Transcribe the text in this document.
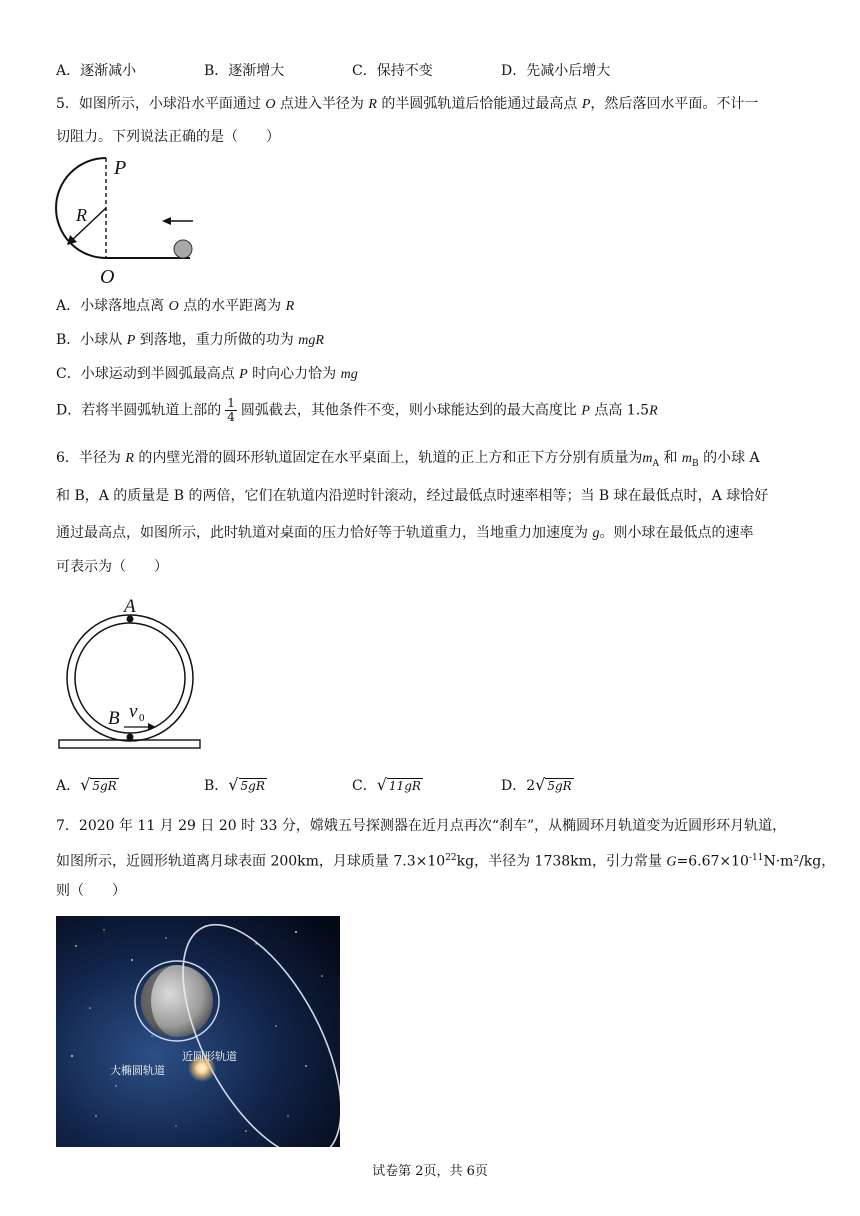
A．逐渐减小	B．逐渐增大	C．保持不变	D．先减小后增大
5．如图所示，小球沿水平面通过 O 点进入半径为 R 的半圆弧轨道后恰能通过最高点 P，然后落回水平面。不计一
切阻力。下列说法正确的是（　　）
P
R
O
A．小球落地点离 O 点的水平距离为 R
B．小球从 P 到落地，重力所做的功为 mgR
C．小球运动到半圆弧最高点 P 时向心力恰为 mg
D．若将半圆弧轨道上部的 $\frac{1}{4}$ 圆弧截去，其他条件不变，则小球能达到的最大高度比 P 点高 1.5R
6．半径为 R 的内壁光滑的圆环形轨道固定在水平桌面上，轨道的正上方和正下方分别有质量为$m_A$ 和 $m_B$ 的小球 A
和 B，A 的质量是 B 的两倍，它们在轨道内沿逆时针滚动，经过最低点时速率相等；当 B 球在最低点时，A 球恰好
通过最高点，如图所示，此时轨道对桌面的压力恰好等于轨道重力，当地重力加速度为 g。则小球在最低点的速率
可表示为（　　）
A
B v 0
A．√ 5gR	B．√ 5gR	C．√ 11gR	D．2√ 5gR
7．2020 年 11 月 29 日 20 时 33 分，嫦娥五号探测器在近月点再次“刹车”，从椭圆环月轨道变为近圆形环月轨道，
如图所示，近圆形轨道离月球表面 200km，月球质量 $7.3\times 10^{22}kg$，半径为 1738km，引力常量 $G=6.67\times 10^{-11}N\cdot m^2/kg$，
则（　　）
近圆形轨道
大椭圆轨道
试卷第 2页，共 6页
